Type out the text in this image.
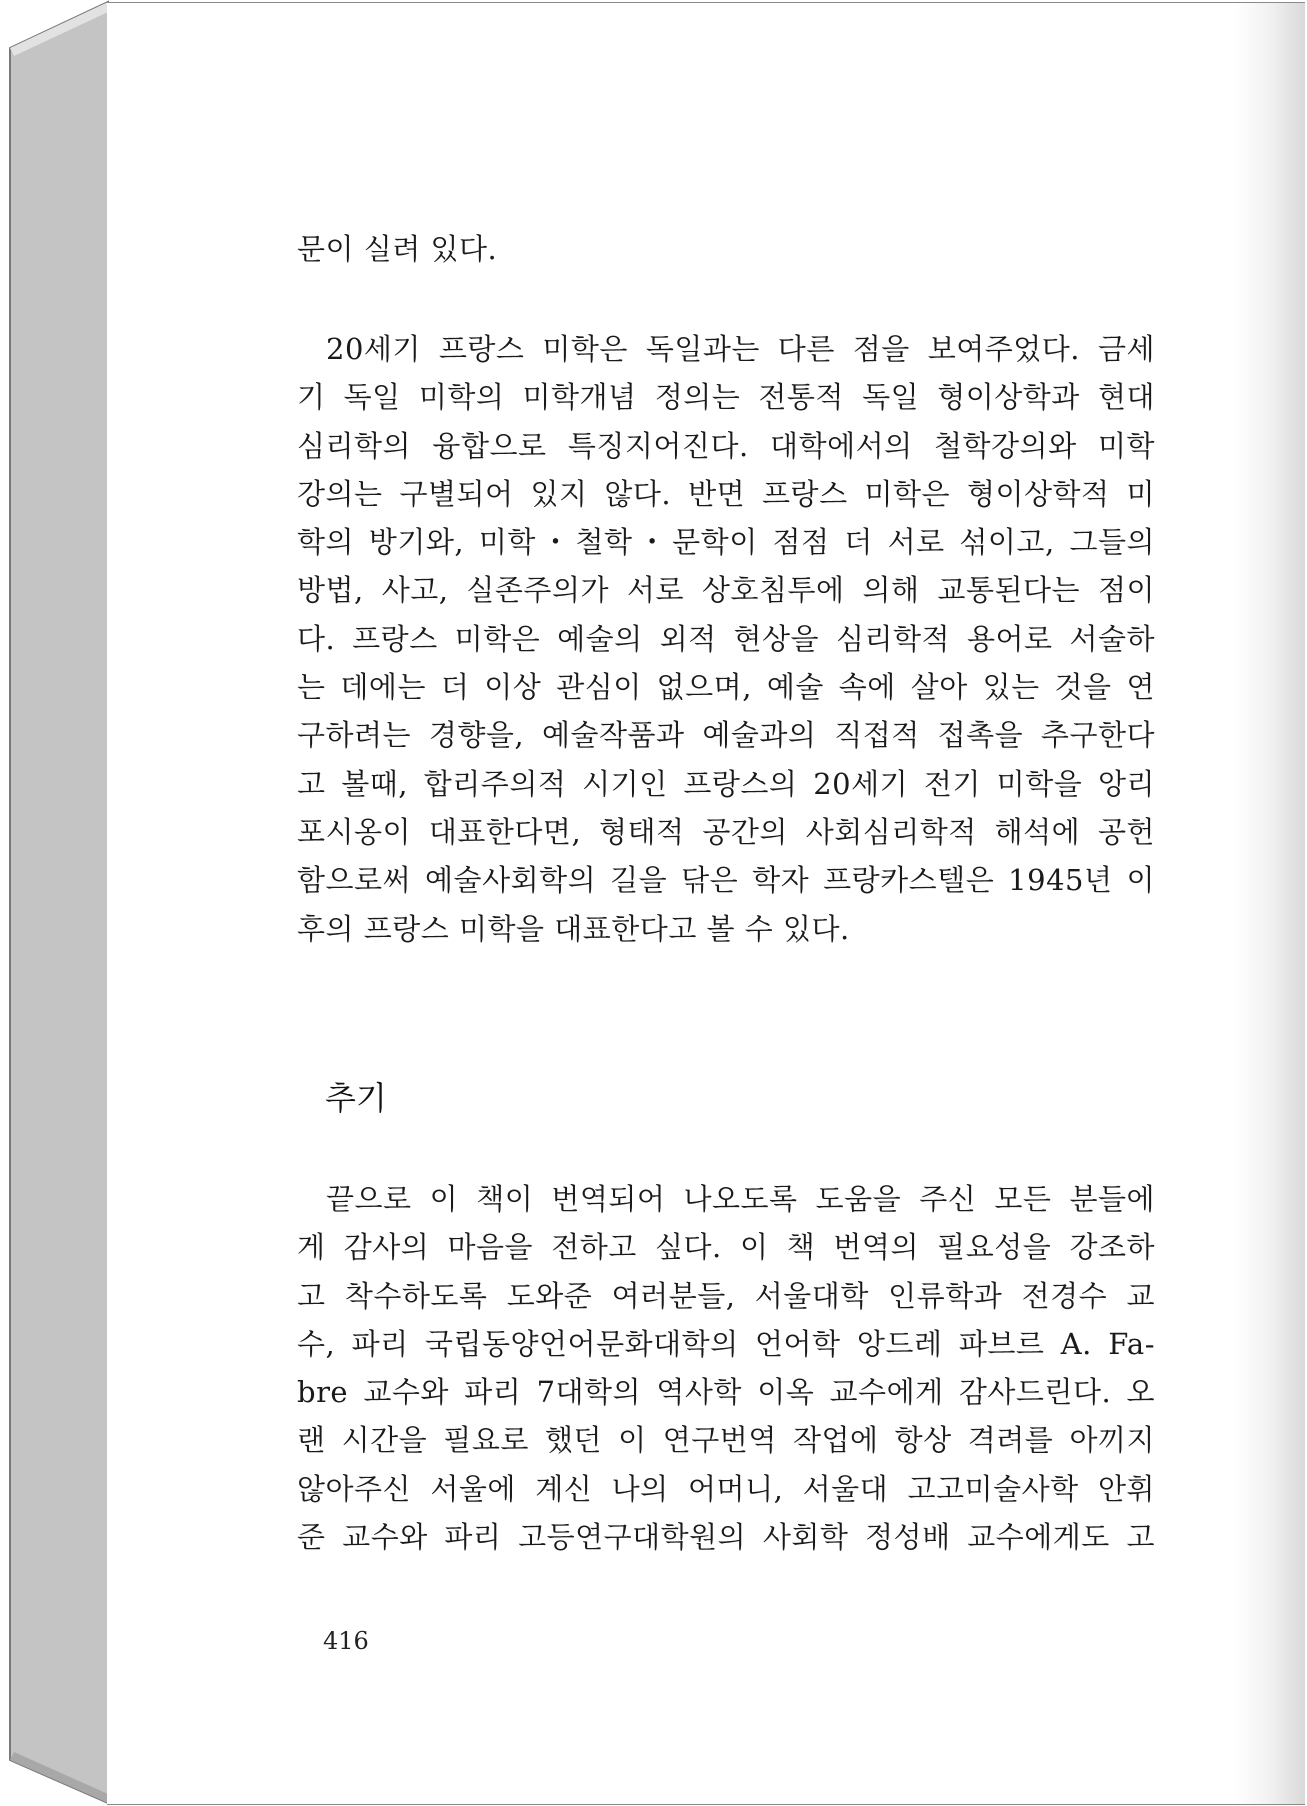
문이 실려 있다.
20세기 프랑스 미학은 독일과는 다른 점을 보여주었다. 금세
기 독일 미학의 미학개념 정의는 전통적 독일 형이상학과 현대
심리학의 융합으로 특징지어진다. 대학에서의 철학강의와 미학
강의는 구별되어 있지 않다. 반면 프랑스 미학은 형이상학적 미
학의 방기와, 미학・철학・문학이 점점 더 서로 섞이고, 그들의
방법, 사고, 실존주의가 서로 상호침투에 의해 교통된다는 점이
다. 프랑스 미학은 예술의 외적 현상을 심리학적 용어로 서술하
는 데에는 더 이상 관심이 없으며, 예술 속에 살아 있는 것을 연
구하려는 경향을, 예술작품과 예술과의 직접적 접촉을 추구한다
고 볼때, 합리주의적 시기인 프랑스의 20세기 전기 미학을 앙리
포시옹이 대표한다면, 형태적 공간의 사회심리학적 해석에 공헌
함으로써 예술사회학의 길을 닦은 학자 프랑카스텔은 1945년 이
후의 프랑스 미학을 대표한다고 볼 수 있다.
추기
끝으로 이 책이 번역되어 나오도록 도움을 주신 모든 분들에
게 감사의 마음을 전하고 싶다. 이 책 번역의 필요성을 강조하
고 착수하도록 도와준 여러분들, 서울대학 인류학과 전경수 교
수, 파리 국립동양언어문화대학의 언어학 앙드레 파브르 A. Fa-
bre 교수와 파리 7대학의 역사학 이옥 교수에게 감사드린다. 오
랜 시간을 필요로 했던 이 연구번역 작업에 항상 격려를 아끼지
않아주신 서울에 계신 나의 어머니, 서울대 고고미술사학 안휘
준 교수와 파리 고등연구대학원의 사회학 정성배 교수에게도 고
416
